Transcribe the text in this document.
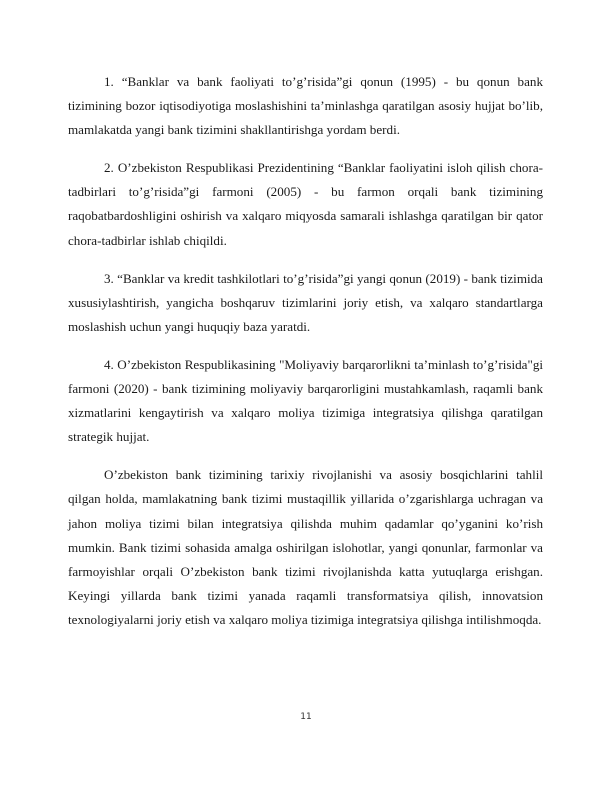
1. “Banklar va bank faoliyati to’g’risida”gi qonun (1995) - bu qonun bank tizimining bozor iqtisodiyotiga moslashishini ta’minlashga qaratilgan asosiy hujjat bo’lib, mamlakatda yangi bank tizimini shakllantirishga yordam berdi.

2. O’zbekiston Respublikasi Prezidentining “Banklar faoliyatini isloh qilish chora-tadbirlari to’g’risida”gi farmoni (2005) - bu farmon orqali bank tizimining raqobatbardoshligini oshirish va xalqaro miqyosda samarali ishlashga qaratilgan bir qator chora-tadbirlar ishlab chiqildi.

3. “Banklar va kredit tashkilotlari to’g’risida”gi yangi qonun (2019) - bank tizimida xususiylashtirish, yangicha boshqaruv tizimlarini joriy etish, va xalqaro standartlarga moslashish uchun yangi huquqiy baza yaratdi.

4. O’zbekiston Respublikasining "Moliyaviy barqarorlikni ta’minlash to’g’risida"gi farmoni (2020) - bank tizimining moliyaviy barqarorligini mustahkamlash, raqamli bank xizmatlarini kengaytirish va xalqaro moliya tizimiga integratsiya qilishga qaratilgan strategik hujjat.

O’zbekiston bank tizimining tarixiy rivojlanishi va asosiy bosqichlarini tahlil qilgan holda, mamlakatning bank tizimi mustaqillik yillarida o’zgarishlarga uchragan va jahon moliya tizimi bilan integratsiya qilishda muhim qadamlar qo’yganini ko’rish mumkin. Bank tizimi sohasida amalga oshirilgan islohotlar, yangi qonunlar, farmonlar va farmoyishlar orqali O’zbekiston bank tizimi rivojlanishda katta yutuqlarga erishgan. Keyingi yillarda bank tizimi yanada raqamli transformatsiya qilish, innovatsion texnologiyalarni joriy etish va xalqaro moliya tizimiga integratsiya qilishga intilishmoqda.

11
